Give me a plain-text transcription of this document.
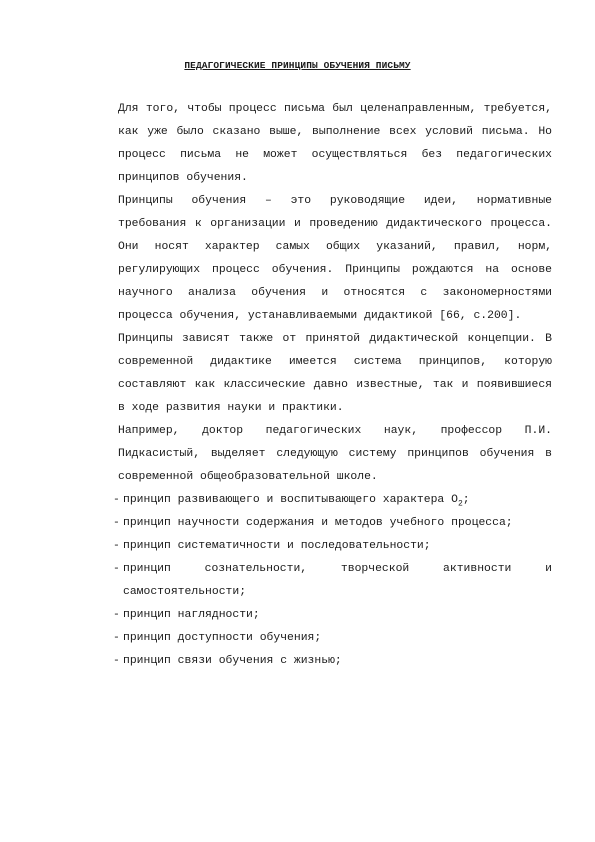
ПЕДАГОГИЧЕСКИЕ ПРИНЦИПЫ ОБУЧЕНИЯ ПИСЬМУ

Для того, чтобы процесс письма был целенаправленным, требуется, как уже было сказано выше, выполнение всех условий письма. Но процесс письма не может осуществляться без педагогических принципов обучения.

Принципы обучения – это руководящие идеи, нормативные требования к организации и проведению дидактического процесса. Они носят характер самых общих указаний, правил, норм, регулирующих процесс обучения. Принципы рождаются на основе научного анализа обучения и относятся с закономерностями процесса обучения, устанавливаемыми дидактикой [66, с.200].

Принципы зависят также от принятой дидактической концепции. В современной дидактике имеется система принципов, которую составляют как классические давно известные, так и появившиеся в ходе развития науки и практики.

Например, доктор педагогических наук, профессор П.И. Пидкасистый, выделяет следующую систему принципов обучения в современной общеобразовательной школе.

- принцип развивающего и воспитывающего характера $О_2$;
- принцип научности содержания и методов учебного процесса;
- принцип систематичности и последовательности;
- принцип сознательности, творческой активности и самостоятельности;
- принцип наглядности;
- принцип доступности обучения;
- принцип связи обучения с жизнью;
